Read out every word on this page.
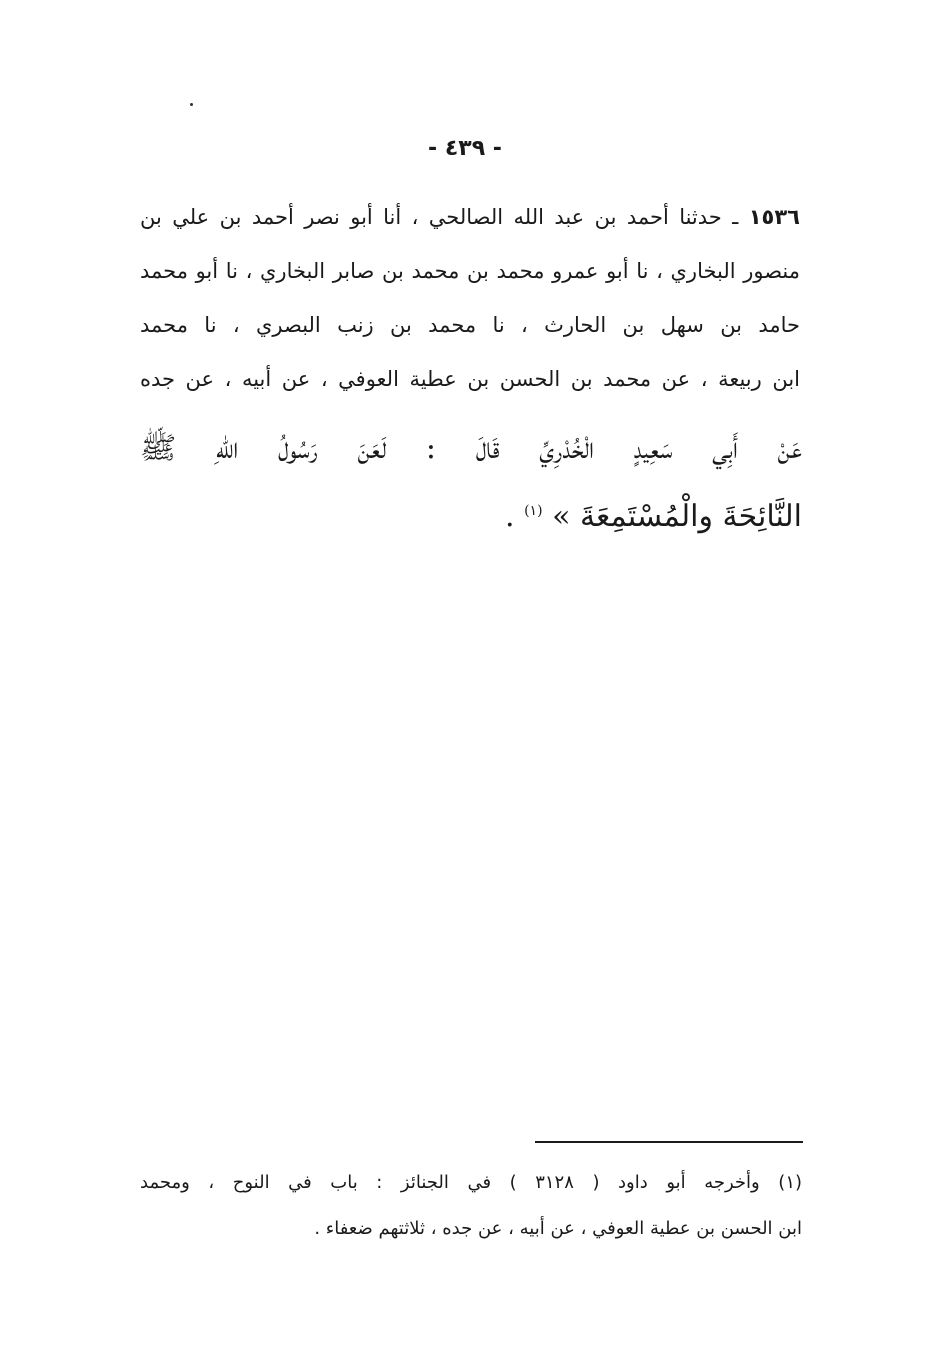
- ٤٣٩ -
١٥٣٦ ـ حدثنا أحمد بن عبد الله الصالحي ، أنا أبو نصر أحمد بن علي بن
منصور البخاري ، نا أبو عمرو محمد بن محمد بن صابر البخاري ، نا أبو محمد
حامد بن سهل بن الحارث ، نا محمد بن زنب البصري ، نا محمد
ابن ربيعة ، عن محمد بن الحسن بن عطية العوفي ، عن أبيه ، عن جده
عَنْ أَبِي سَعِيدٍ الْخُدْرِيِّ قَالَ : لَعَنَ رَسُولُ اللهِ ﷺ
النَّائِحَةَ والْمُسْتَمِعَةَ » $^{(١)}$ .
(١) وأخرجه أبو داود ( ٣١٢٨ ) في الجنائز : باب في النوح ، ومحمد
ابن الحسن بن عطية العوفي ، عن أبيه ، عن جده ، ثلاثتهم ضعفاء .
